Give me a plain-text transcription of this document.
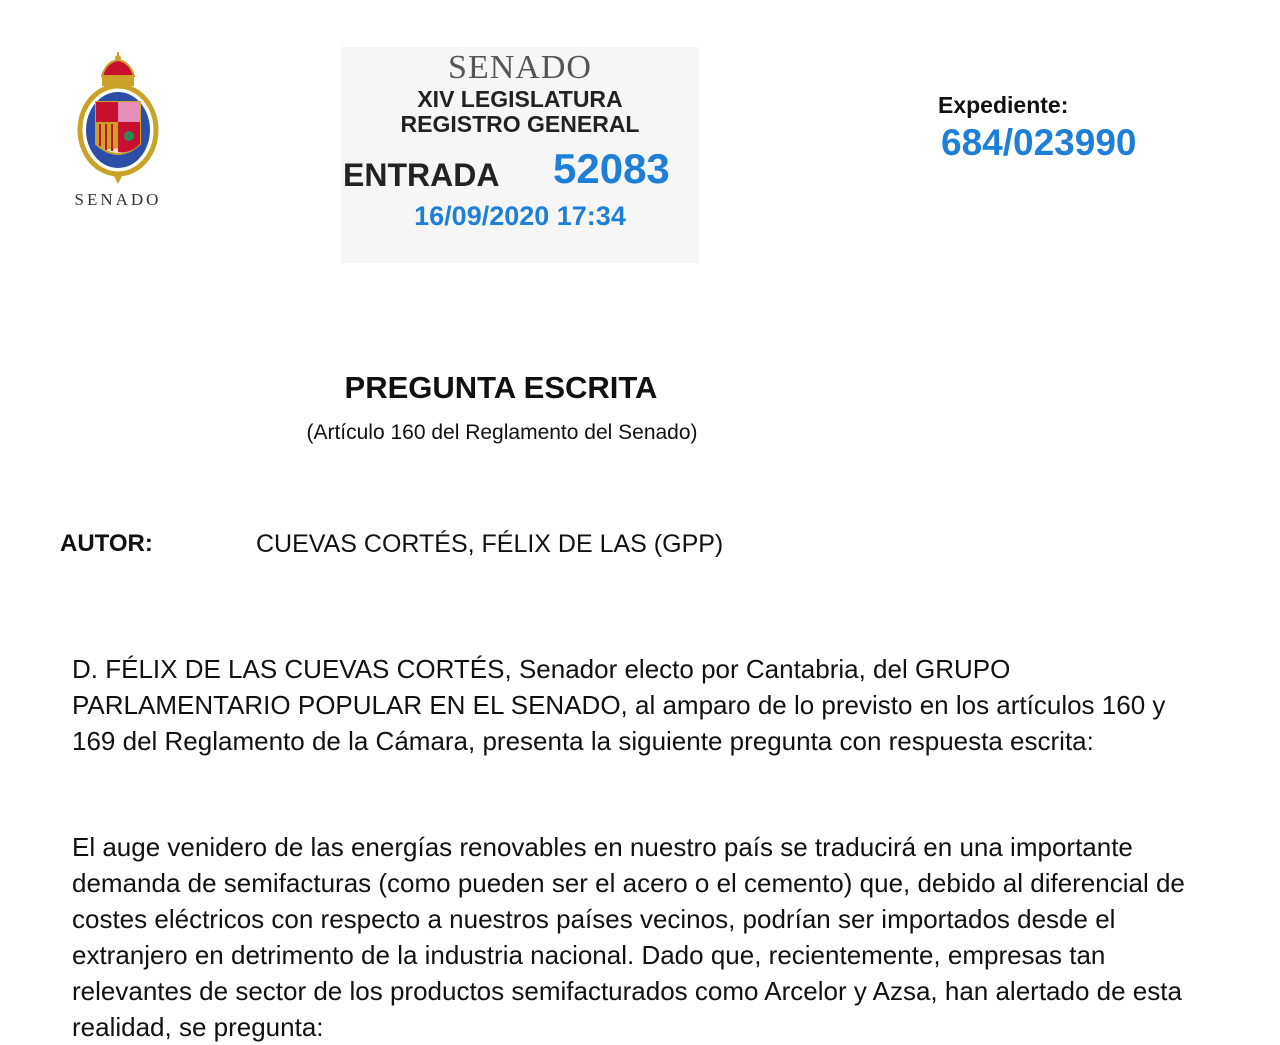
SENADO
SENADO
XIV LEGISLATURA
REGISTRO GENERAL
ENTRADA 52083
16/09/2020 17:34
Expediente:
684/023990
PREGUNTA ESCRITA
(Artículo 160 del Reglamento del Senado)
AUTOR:	CUEVAS CORTÉS, FÉLIX DE LAS (GPP)
D. FÉLIX DE LAS CUEVAS CORTÉS, Senador electo por Cantabria, del GRUPO PARLAMENTARIO POPULAR EN EL SENADO, al amparo de lo previsto en los artículos 160 y 169 del Reglamento de la Cámara, presenta la siguiente pregunta con respuesta escrita:
El auge venidero de las energías renovables en nuestro país se traducirá en una importante demanda de semifacturas (como pueden ser el acero o el cemento) que, debido al diferencial de costes eléctricos con respecto a nuestros países vecinos, podrían ser importados desde el extranjero en detrimento de la industria nacional. Dado que, recientemente, empresas tan relevantes de sector de los productos semifacturados como Arcelor y Azsa, han alertado de esta realidad, se pregunta:
